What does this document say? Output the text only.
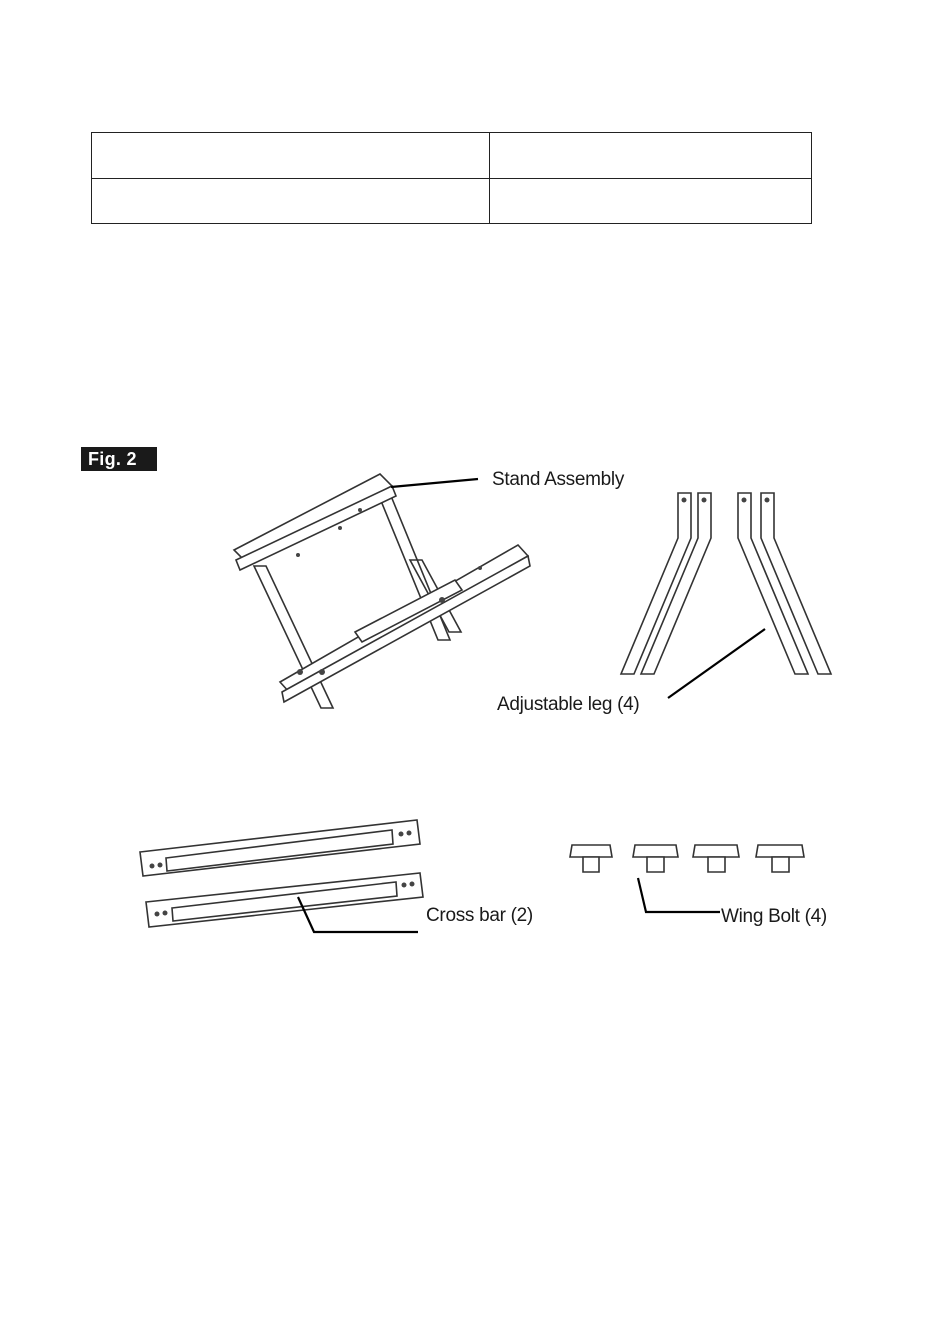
Fig. 2
Stand Assembly
Adjustable leg (4)
Cross bar (2)	Wing Bolt (4)
